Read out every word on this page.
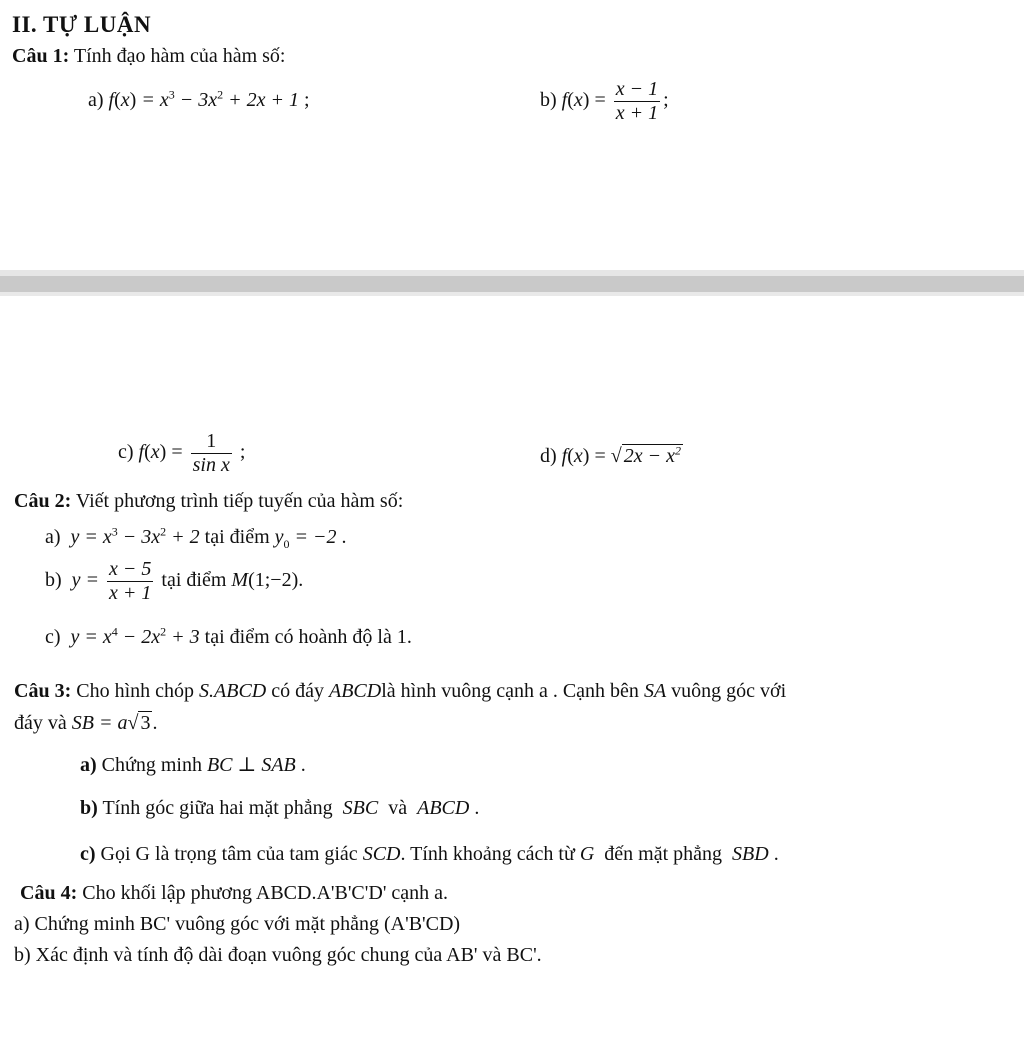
II. TỰ LUẬN
Câu 1: Tính đạo hàm của hàm số:
a) $f(x) = x^3 - 3x^2 + 2x + 1$ ;	b) $f(x) = \frac{x - 1}{x + 1}$ ;
c) $f(x) = \frac{1}{\text{sin x}}$ ;	d) f(x) = √ $2x - x^2$
Câu 2: Viết phương trình tiếp tuyến của hàm số:
a) $y = x^3 - 3x^2 + 2$ tại điểm $y_0 = -2$ .
b) $y = \frac{x - 5}{x + 1}$ tại điểm M(1;−2).
c) $y = x^4 - 2x^2 + 3$ tại điểm có hoành độ là 1.
Câu 3: Cho hình chóp S.ABCD có đáy ABCDlà hình vuông cạnh a . Cạnh bên SA vuông góc với
đáy và SB = a√ 3 .
a) Chứng minh BC ⊥ SAB .
b) Tính góc giữa hai mặt phẳng SBC và ABCD .
c) Gọi G là trọng tâm của tam giác SCD. Tính khoảng cách từ G đến mặt phẳng SBD .
Câu 4: Cho khối lập phương ABCD.A'B'C'D' cạnh a.
a) Chứng minh BC' vuông góc với mặt phẳng (A'B'CD)
b) Xác định và tính độ dài đoạn vuông góc chung của AB' và BC'.
